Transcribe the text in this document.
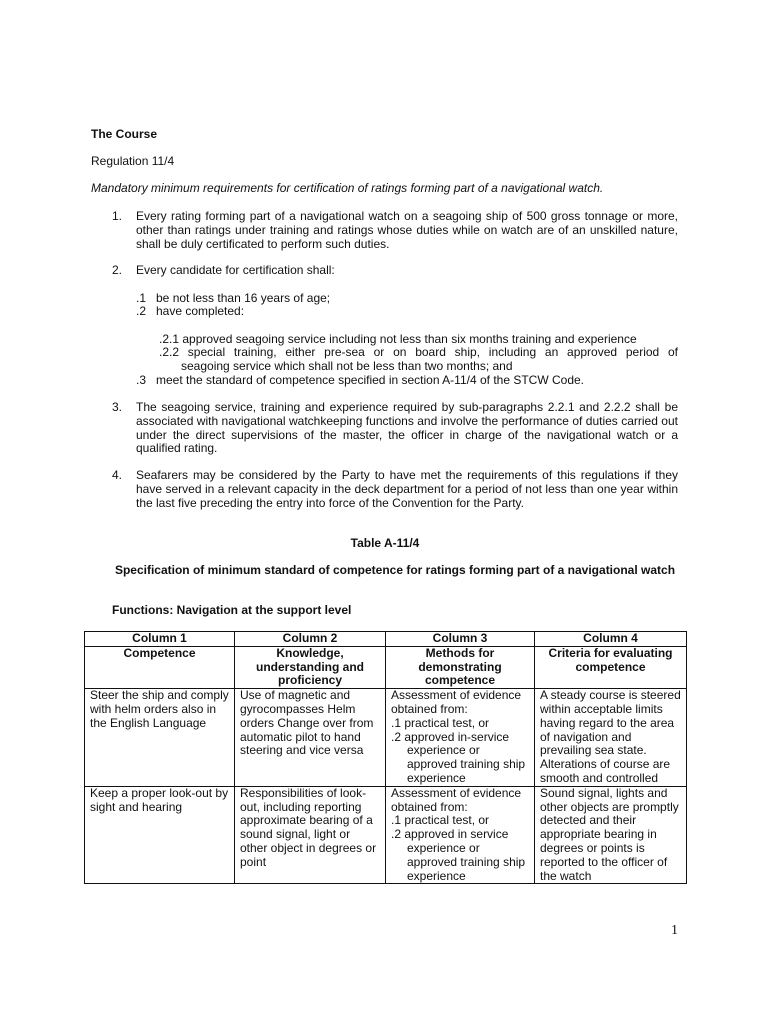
The Course
Regulation 11/4
Mandatory minimum requirements for certification of ratings forming part of a navigational watch.
1. Every rating forming part of a navigational watch on a seagoing ship of 500 gross tonnage or more, other than ratings under training and ratings whose duties while on watch are of an unskilled nature, shall be duly certificated to perform such duties.
2. Every candidate for certification shall:
.1   be not less than 16 years of age;
.2   have completed:
.2.1 approved seagoing service including not less than six months training and experience
.2.2 special training, either pre-sea or on board ship, including an approved period of
seagoing service which shall not be less than two months; and
.3   meet the standard of competence specified in section A-11/4 of the STCW Code.
3. The seagoing service, training and experience required by sub-paragraphs 2.2.1 and 2.2.2 shall be associated with navigational watchkeeping functions and involve the performance of duties carried out under the direct supervisions of the master, the officer in charge of the navigational watch or a qualified rating.
4. Seafarers may be considered by the Party to have met the requirements of this regulations if they have served in a relevant capacity in the deck department for a period of not less than one year within the last five preceding the entry into force of the Convention for the Party.
Table A-11/4
Specification of minimum standard of competence for ratings forming part of a navigational watch
Functions: Navigation at the support level
Column 1	Column 2	Column 3	Column 4
Competence	Knowledge, understanding and proficiency	Methods for demonstrating competence	Criteria for evaluating competence
Steer the ship and comply with helm orders also in the English Language	Use of magnetic and gyrocompasses Helm orders Change over from automatic pilot to hand steering and vice versa	Assessment of evidence obtained from:
.1 practical test, or
.2 approved in-service
experience or approved training ship experience	A steady course is steered within acceptable limits having regard to the area of navigation and prevailing sea state. Alterations of course are smooth and controlled
Keep a proper look-out by sight and hearing	Responsibilities of look-out, including reporting approximate bearing of a sound signal, light or other object in degrees or point	Assessment of evidence obtained from:
.1 practical test, or
.2 approved in service
experience or approved training ship experience	Sound signal, lights and other objects are promptly detected and their appropriate bearing in degrees or points is reported to the officer of the watch
1
